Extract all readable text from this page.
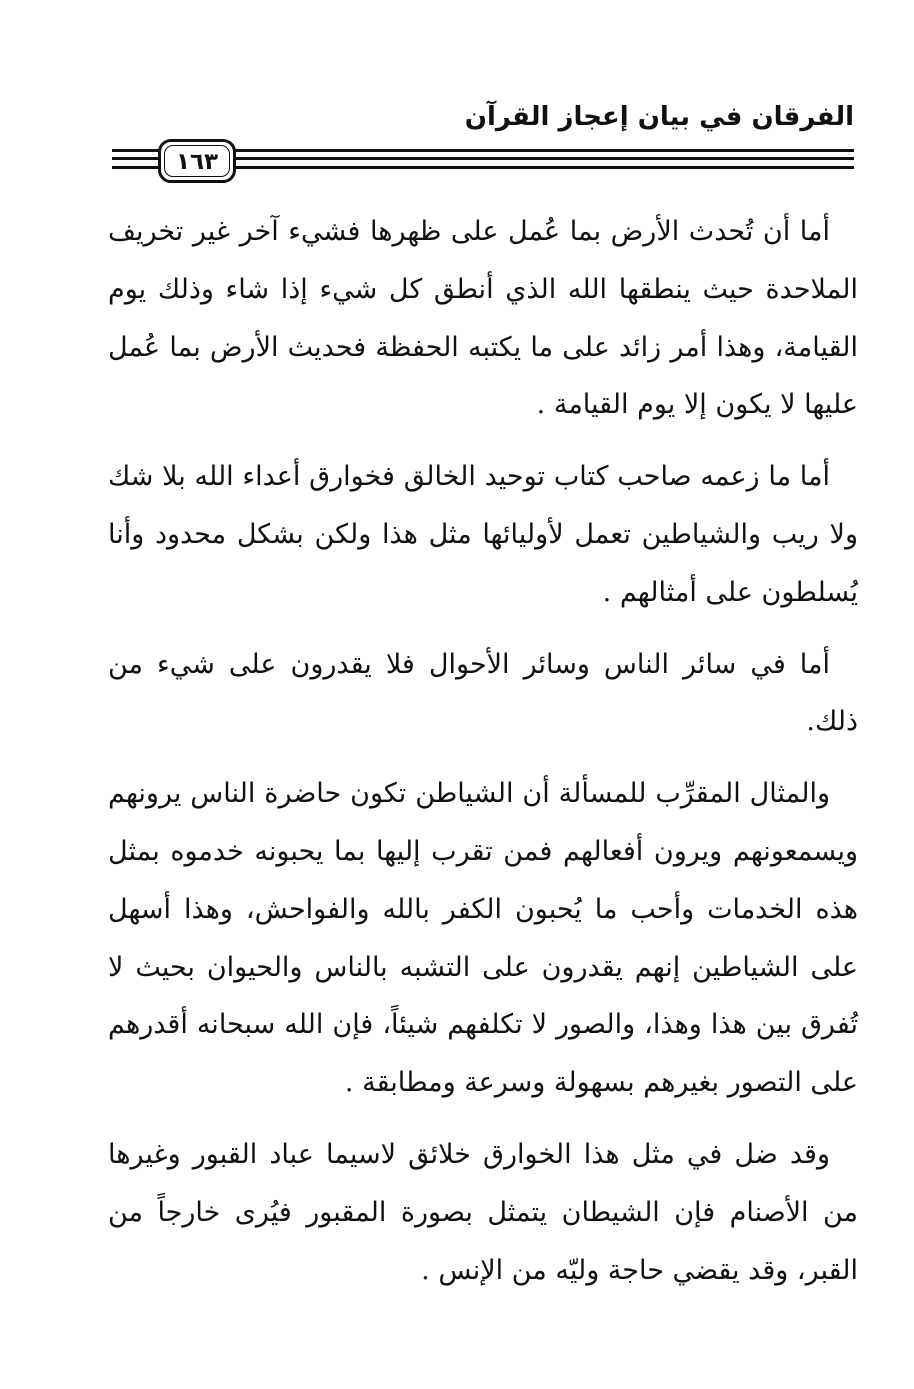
الفرقان في بيان إعجاز القرآن
١٦٣

أما أن تُحدث الأرض بما عُمل على ظهرها فشيء آخر غير تخريف الملاحدة حيث ينطقها الله الذي أنطق كل شيء إذا شاء وذلك يوم القيامة، وهذا أمر زائد على ما يكتبه الحفظة فحديث الأرض بما عُمل عليها لا يكون إلا يوم القيامة .

أما ما زعمه صاحب كتاب توحيد الخالق فخوارق أعداء الله بلا شك ولا ريب والشياطين تعمل لأوليائها مثل هذا ولكن بشكل محدود وأنا يُسلطون على أمثالهم .

أما في سائر الناس وسائر الأحوال فلا يقدرون على شيء من ذلك.

والمثال المقرِّب للمسألة أن الشياطن تكون حاضرة الناس يرونهم ويسمعونهم ويرون أفعالهم فمن تقرب إليها بما يحبونه خدموه بمثل هذه الخدمات وأحب ما يُحبون الكفر بالله والفواحش، وهذا أسهل على الشياطين إنهم يقدرون على التشبه بالناس والحيوان بحيث لا تُفرق بين هذا وهذا، والصور لا تكلفهم شيئاً، فإن الله سبحانه أقدرهم على التصور بغيرهم بسهولة وسرعة ومطابقة .

وقد ضل في مثل هذا الخوارق خلائق لاسيما عباد القبور وغيرها من الأصنام فإن الشيطان يتمثل بصورة المقبور فيُرى خارجاً من القبر، وقد يقضي حاجة وليّه من الإنس .
